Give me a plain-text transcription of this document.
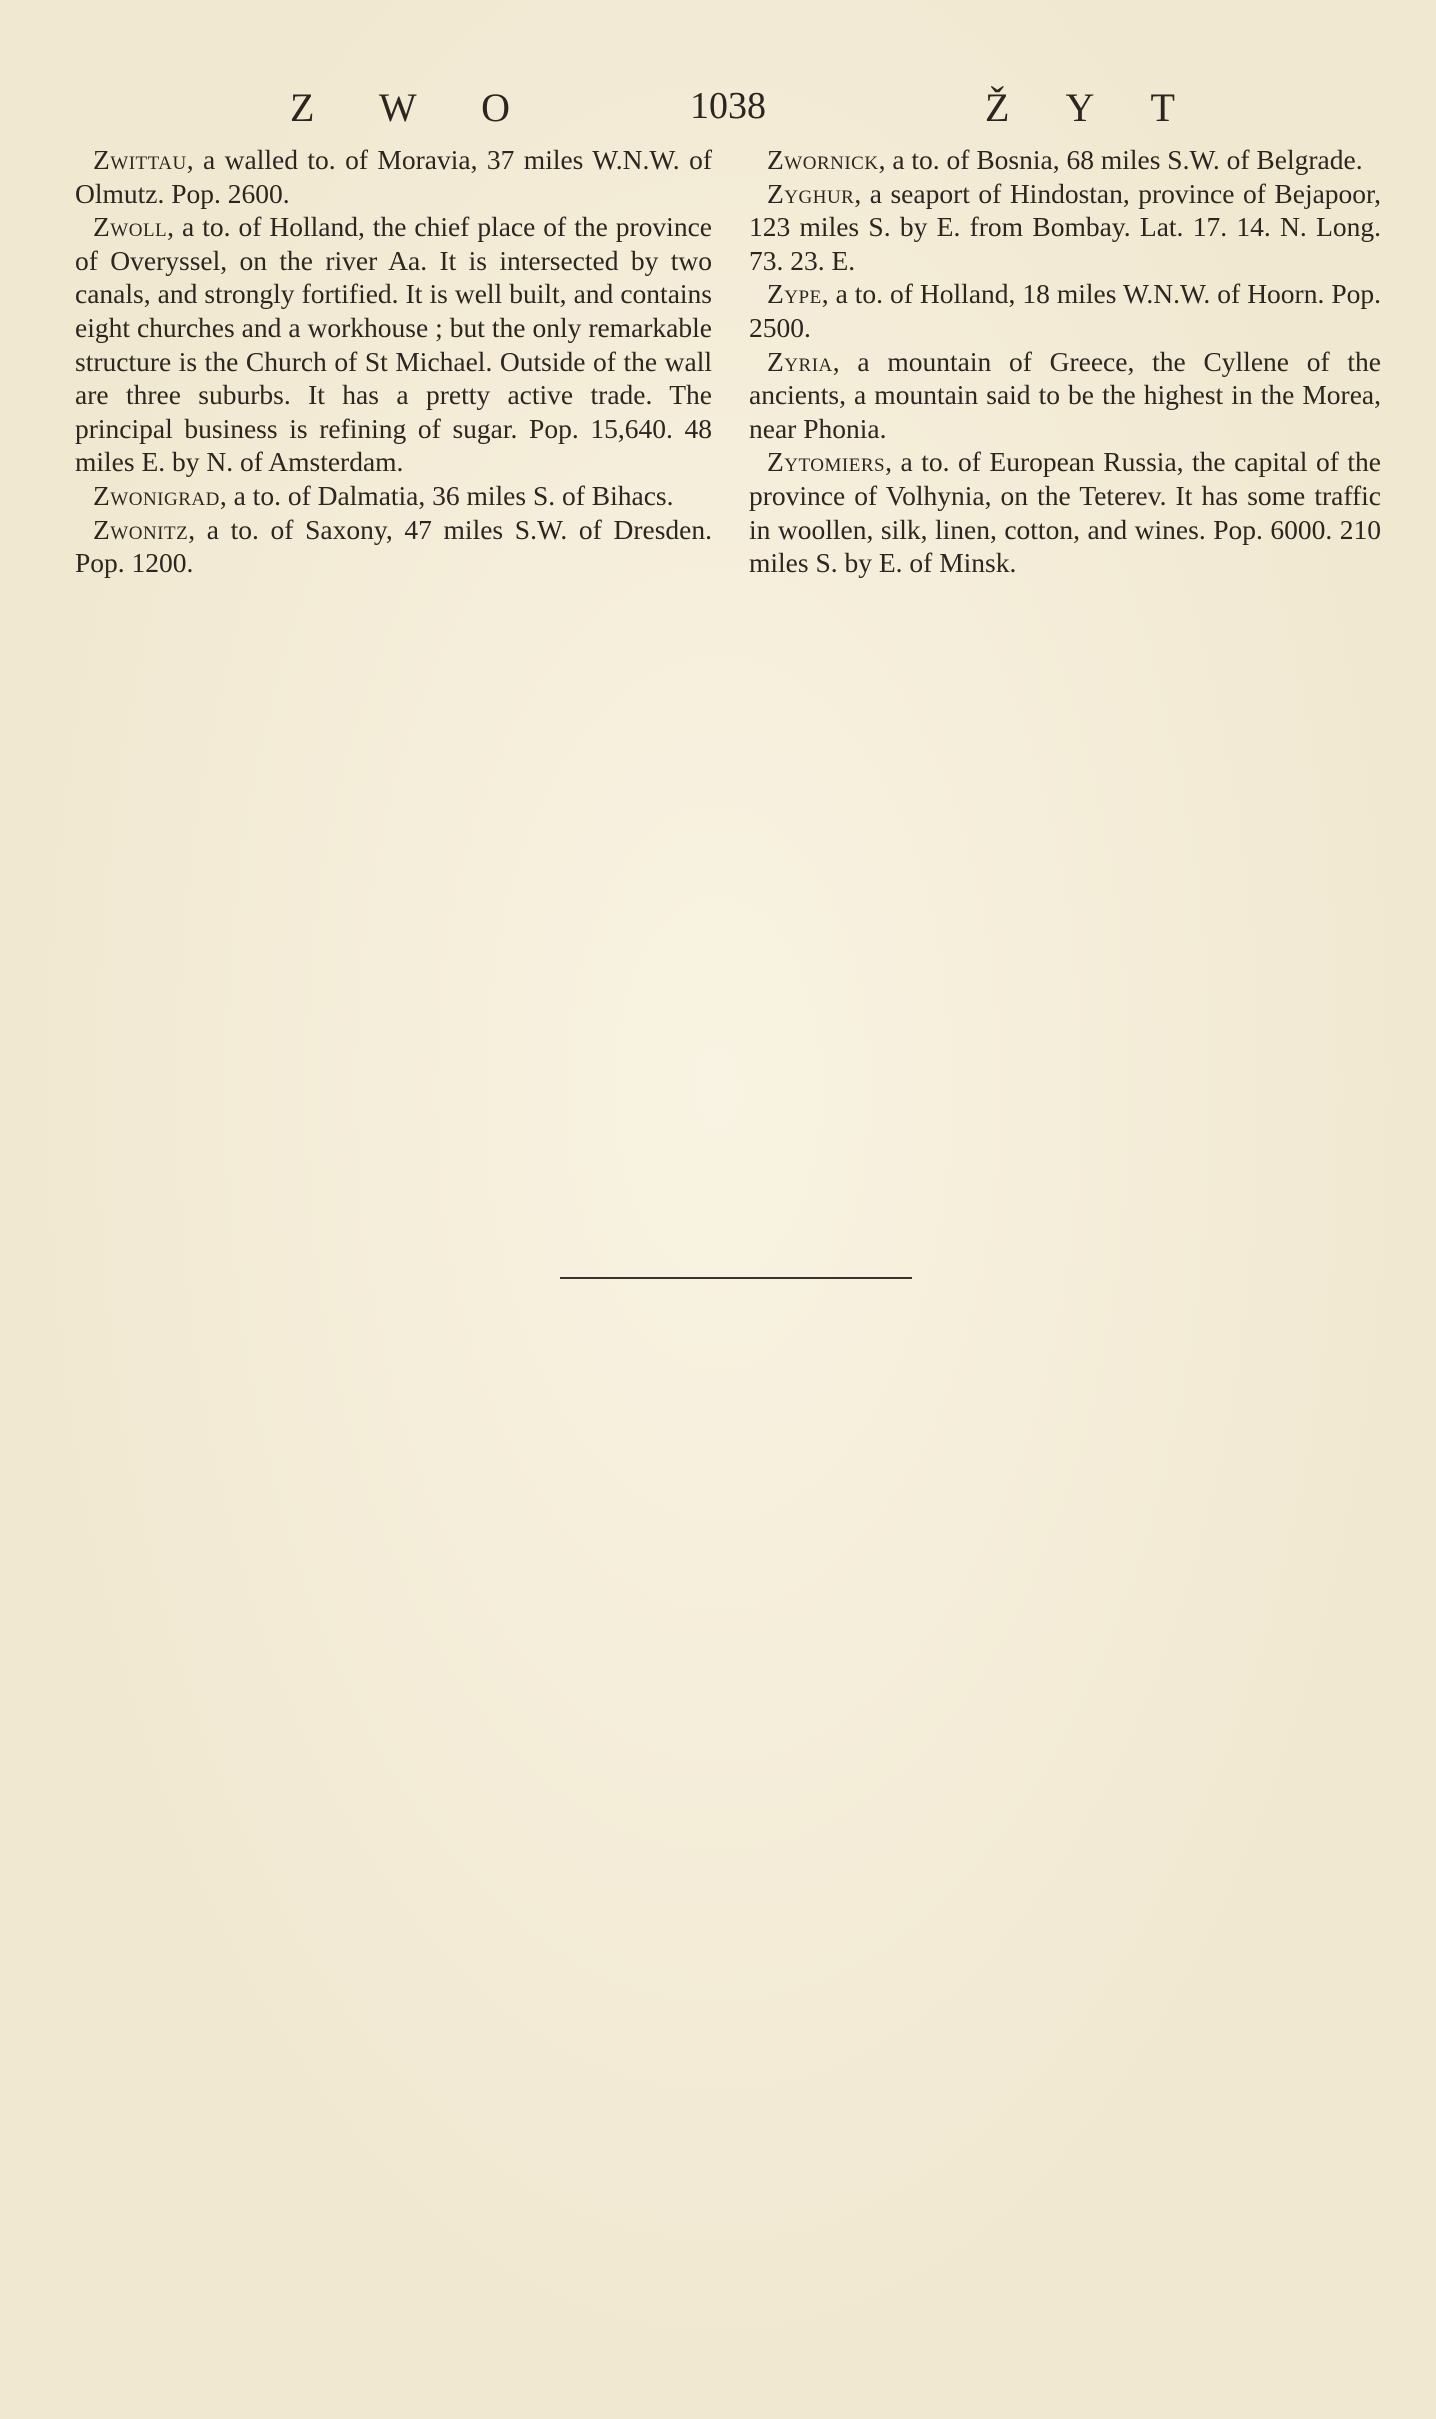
Z W O	1038	Ž Y T

Zwittau, a walled to. of Moravia, 37 miles W.N.W. of Olmutz. Pop. 2600.

Zwoll, a to. of Holland, the chief place of the province of Overyssel, on the river Aa. It is intersected by two canals, and strongly fortified. It is well built, and contains eight churches and a workhouse ; but the only remarkable structure is the Church of St Michael. Outside of the wall are three suburbs. It has a pretty active trade. The principal business is refining of sugar. Pop. 15,640. 48 miles E. by N. of Amsterdam.

Zwonigrad, a to. of Dalmatia, 36 miles S. of Bihacs.

Zwonitz, a to. of Saxony, 47 miles S.W. of Dresden. Pop. 1200.

Zwornick, a to. of Bosnia, 68 miles S.W. of Belgrade.

Zyghur, a seaport of Hindostan, province of Bejapoor, 123 miles S. by E. from Bombay. Lat. 17. 14. N. Long. 73. 23. E.

Zype, a to. of Holland, 18 miles W.N.W. of Hoorn. Pop. 2500.

Zyria, a mountain of Greece, the Cyllene of the ancients, a mountain said to be the highest in the Morea, near Phonia.

Zytomiers, a to. of European Russia, the capital of the province of Volhynia, on the Teterev. It has some traffic in woollen, silk, linen, cotton, and wines. Pop. 6000. 210 miles S. by E. of Minsk.
